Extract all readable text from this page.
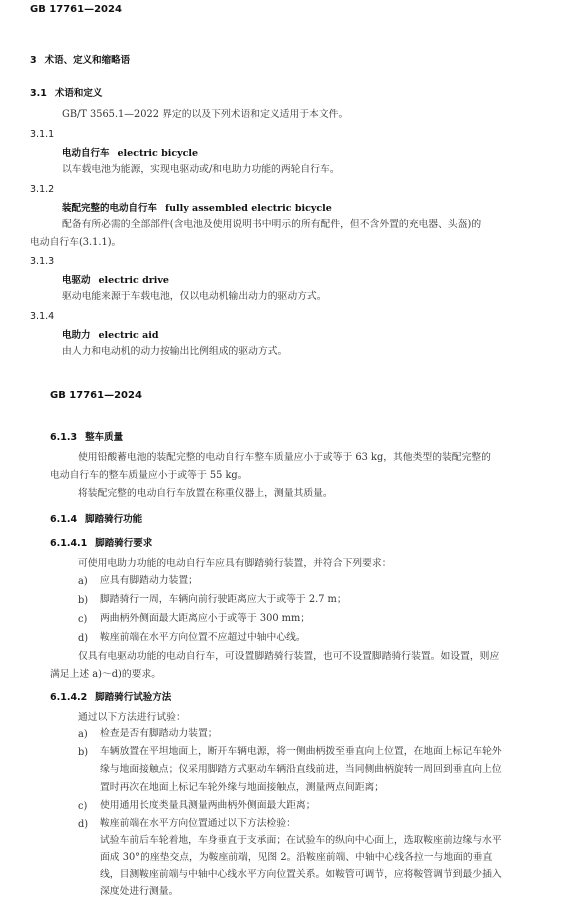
GB 17761—2024
3 术语、定义和缩略语
3.1 术语和定义
GB/T 3565.1—2022 界定的以及下列术语和定义适用于本文件。
3.1.1
电动自行车 electric bicycle
以车载电池为能源，实现电驱动或/和电助力功能的两轮自行车。
3.1.2
装配完整的电动自行车 fully assembled electric bicycle
配备有所必需的全部部件(含电池及使用说明书中明示的所有配件，但不含外置的充电器、头盔)的
电动自行车(3.1.1)。
3.1.3
电驱动 electric drive
驱动电能来源于车载电池，仅以电动机输出动力的驱动方式。
3.1.4
电助力 electric aid
由人力和电动机的动力按输出比例组成的驱动方式。
GB 17761—2024
6.1.3 整车质量
使用铅酸蓄电池的装配完整的电动自行车整车质量应小于或等于 63 kg，其他类型的装配完整的
电动自行车的整车质量应小于或等于 55 kg。
将装配完整的电动自行车放置在称重仪器上，测量其质量。
6.1.4 脚踏骑行功能
6.1.4.1 脚踏骑行要求
可使用电助力功能的电动自行车应具有脚踏骑行装置，并符合下列要求：
a) 应具有脚踏动力装置；
b) 脚踏骑行一周，车辆向前行驶距离应大于或等于 2.7 m；
c) 两曲柄外侧面最大距离应小于或等于 300 mm；
d) 鞍座前端在水平方向位置不应超过中轴中心线。
仅具有电驱动功能的电动自行车，可设置脚踏骑行装置，也可不设置脚踏骑行装置。如设置，则应
满足上述 a)～d)的要求。
6.1.4.2 脚踏骑行试验方法
通过以下方法进行试验：
a) 检查是否有脚踏动力装置；
b) 车辆放置在平坦地面上，断开车辆电源，将一侧曲柄拨至垂直向上位置，在地面上标记车轮外
缘与地面接触点；仪采用脚踏方式驱动车辆沿直线前进，当同侧曲柄旋转一周回到垂直向上位
置时再次在地面上标记车轮外缘与地面接触点，测量两点间距离；
c) 使用通用长度类量具测量两曲柄外侧面最大距离；
d) 鞍座前端在水平方向位置通过以下方法检验：
试验车前后车轮着地，车身垂直于支承面；在试验车的纵向中心面上，选取鞍座前边缘与水平
面成 30°的座垫交点，为鞍座前端，见图 2。沿鞍座前端、中轴中心线各拉一与地面的垂直
线，目测鞍座前端与中轴中心线水平方向位置关系。如鞍管可调节，应将鞍管调节到最少插入
深度处进行测量。
